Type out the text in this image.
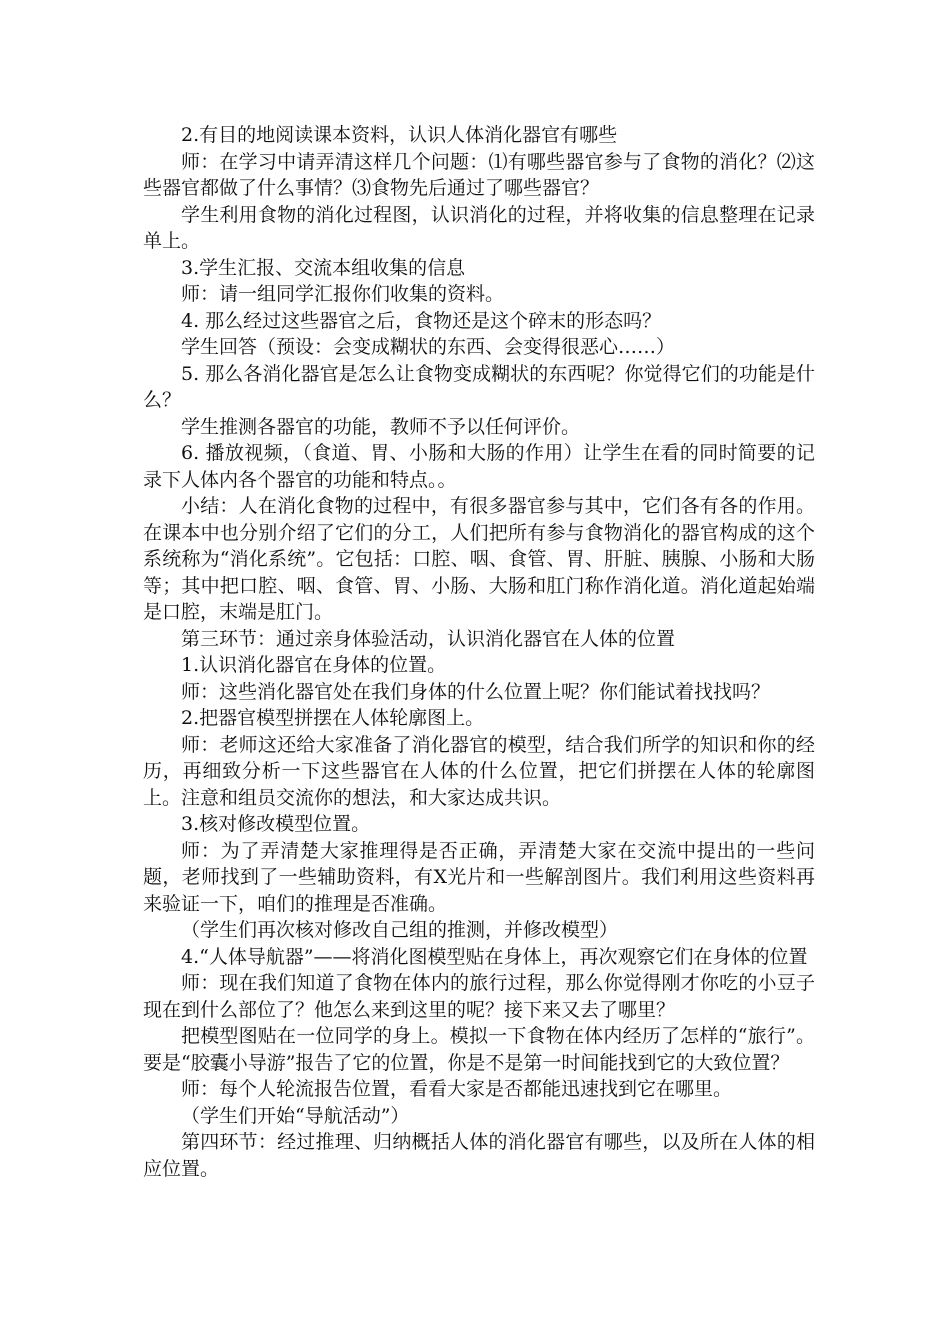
2.有目的地阅读课本资料，认识人体消化器官有哪些

师：在学习中请弄清这样几个问题：⑴有哪些器官参与了食物的消化？⑵这些器官都做了什么事情？⑶食物先后通过了哪些器官？

学生利用食物的消化过程图，认识消化的过程，并将收集的信息整理在记录单上。

3.学生汇报、交流本组收集的信息

师：请一组同学汇报你们收集的资料。

4. 那么经过这些器官之后，食物还是这个碎末的形态吗？

学生回答（预设：会变成糊状的东西、会变得很恶心……）

5. 那么各消化器官是怎么让食物变成糊状的东西呢？你觉得它们的功能是什么？

学生推测各器官的功能，教师不予以任何评价。

6. 播放视频，（食道、胃、小肠和大肠的作用）让学生在看的同时简要的记录下人体内各个器官的功能和特点。。

小结：人在消化食物的过程中，有很多器官参与其中，它们各有各的作用。在课本中也分别介绍了它们的分工，人们把所有参与食物消化的器官构成的这个系统称为“消化系统”。它包括：口腔、咽、食管、胃、肝脏、胰腺、小肠和大肠等；其中把口腔、咽、食管、胃、小肠、大肠和肛门称作消化道。消化道起始端是口腔，末端是肛门。

第三环节：通过亲身体验活动，认识消化器官在人体的位置

1.认识消化器官在身体的位置。

师：这些消化器官处在我们身体的什么位置上呢？你们能试着找找吗？

2.把器官模型拼摆在人体轮廓图上。

师：老师这还给大家准备了消化器官的模型，结合我们所学的知识和你的经历，再细致分析一下这些器官在人体的什么位置，把它们拼摆在人体的轮廓图上。注意和组员交流你的想法，和大家达成共识。

3.核对修改模型位置。

师：为了弄清楚大家推理得是否正确，弄清楚大家在交流中提出的一些问题，老师找到了一些辅助资料，有X光片和一些解剖图片。我们利用这些资料再来验证一下，咱们的推理是否准确。

（学生们再次核对修改自己组的推测，并修改模型）

4.“人体导航器”——将消化图模型贴在身体上，再次观察它们在身体的位置

师：现在我们知道了食物在体内的旅行过程，那么你觉得刚才你吃的小豆子现在到什么部位了？他怎么来到这里的呢？接下来又去了哪里？

把模型图贴在一位同学的身上。模拟一下食物在体内经历了怎样的“旅行”。要是“胶囊小导游”报告了它的位置，你是不是第一时间能找到它的大致位置？

师：每个人轮流报告位置，看看大家是否都能迅速找到它在哪里。

（学生们开始“导航活动”）

第四环节：经过推理、归纳概括人体的消化器官有哪些，以及所在人体的相应位置。
